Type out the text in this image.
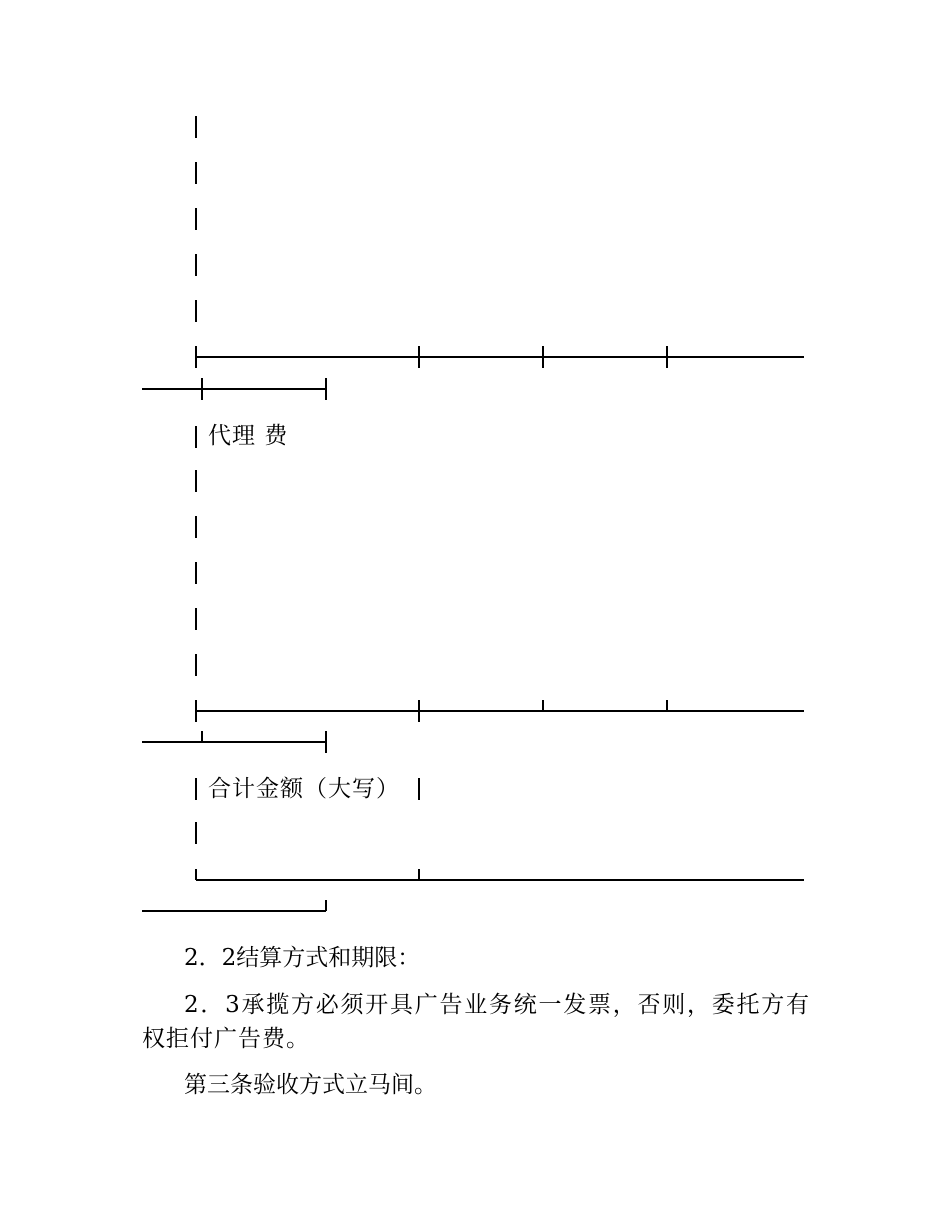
代理 费
合计金额（大写）

2．2结算方式和期限：

2．3承揽方必须开具广告业务统一发票，否则，委托方有权拒付广告费。

第三条验收方式立马间。
